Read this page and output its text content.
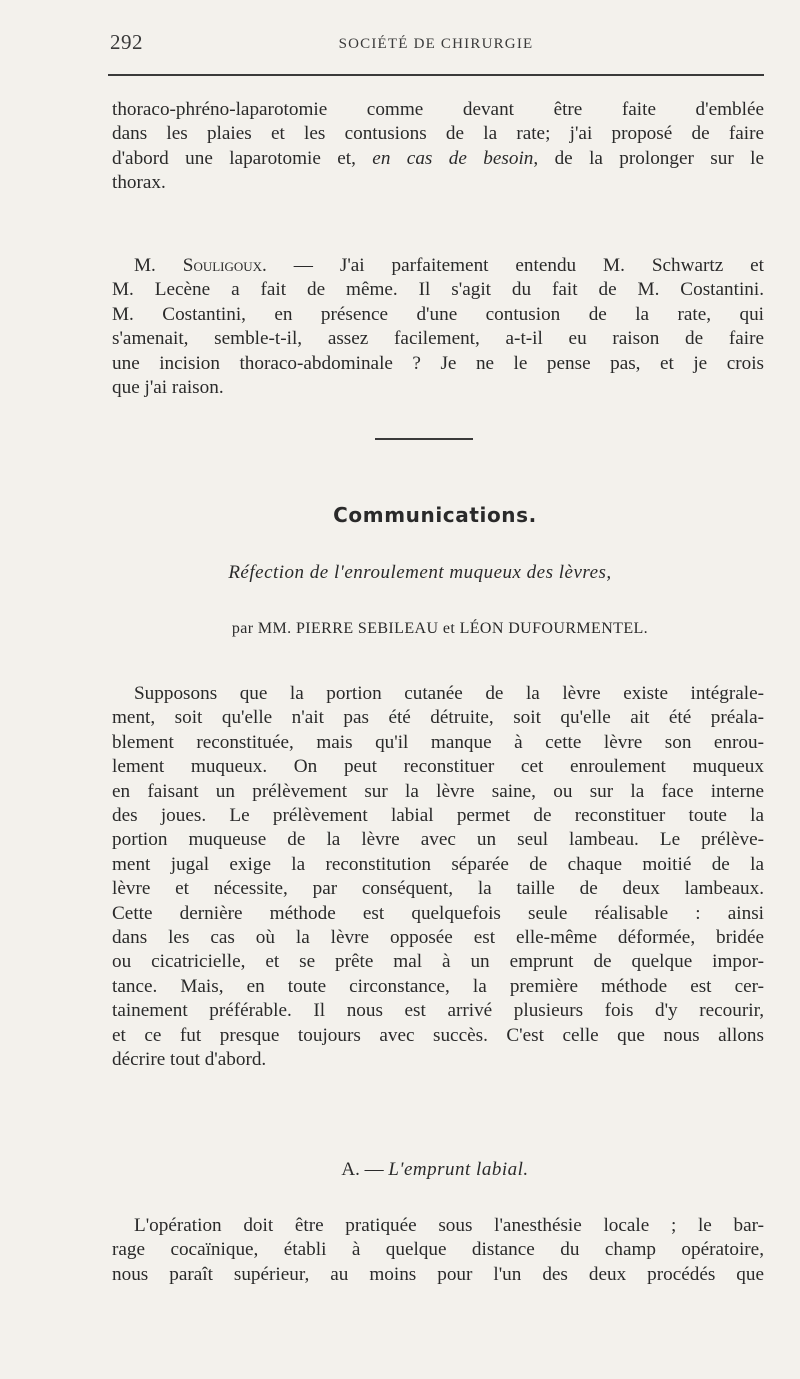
292	SOCIÉTÉ DE CHIRURGIE
thoraco-phréno-laparotomie comme devant être faite d'emblée
dans les plaies et les contusions de la rate; j'ai proposé de faire
d'abord une laparotomie et, en cas de besoin, de la prolonger sur le
thorax.
M. Souligoux. — J'ai parfaitement entendu M. Schwartz et
M. Lecène a fait de même. Il s'agit du fait de M. Costantini.
M. Costantini, en présence d'une contusion de la rate, qui
s'amenait, semble-t-il, assez facilement, a-t-il eu raison de faire
une incision thoraco-abdominale ? Je ne le pense pas, et je crois
que j'ai raison.
Communications.
Réfection de l'enroulement muqueux des lèvres,
par MM. PIERRE SEBILEAU et LÉON DUFOURMENTEL.
Supposons que la portion cutanée de la lèvre existe intégrale-
ment, soit qu'elle n'ait pas été détruite, soit qu'elle ait été préala-
blement reconstituée, mais qu'il manque à cette lèvre son enrou-
lement muqueux. On peut reconstituer cet enroulement muqueux
en faisant un prélèvement sur la lèvre saine, ou sur la face interne
des joues. Le prélèvement labial permet de reconstituer toute la
portion muqueuse de la lèvre avec un seul lambeau. Le prélève-
ment jugal exige la reconstitution séparée de chaque moitié de la
lèvre et nécessite, par conséquent, la taille de deux lambeaux.
Cette dernière méthode est quelquefois seule réalisable : ainsi
dans les cas où la lèvre opposée est elle-même déformée, bridée
ou cicatricielle, et se prête mal à un emprunt de quelque impor-
tance. Mais, en toute circonstance, la première méthode est cer-
tainement préférable. Il nous est arrivé plusieurs fois d'y recourir,
et ce fut presque toujours avec succès. C'est celle que nous allons
décrire tout d'abord.
A. — L'emprunt labial.
L'opération doit être pratiquée sous l'anesthésie locale ; le bar-
rage cocaïnique, établi à quelque distance du champ opératoire,
nous paraît supérieur, au moins pour l'un des deux procédés que
